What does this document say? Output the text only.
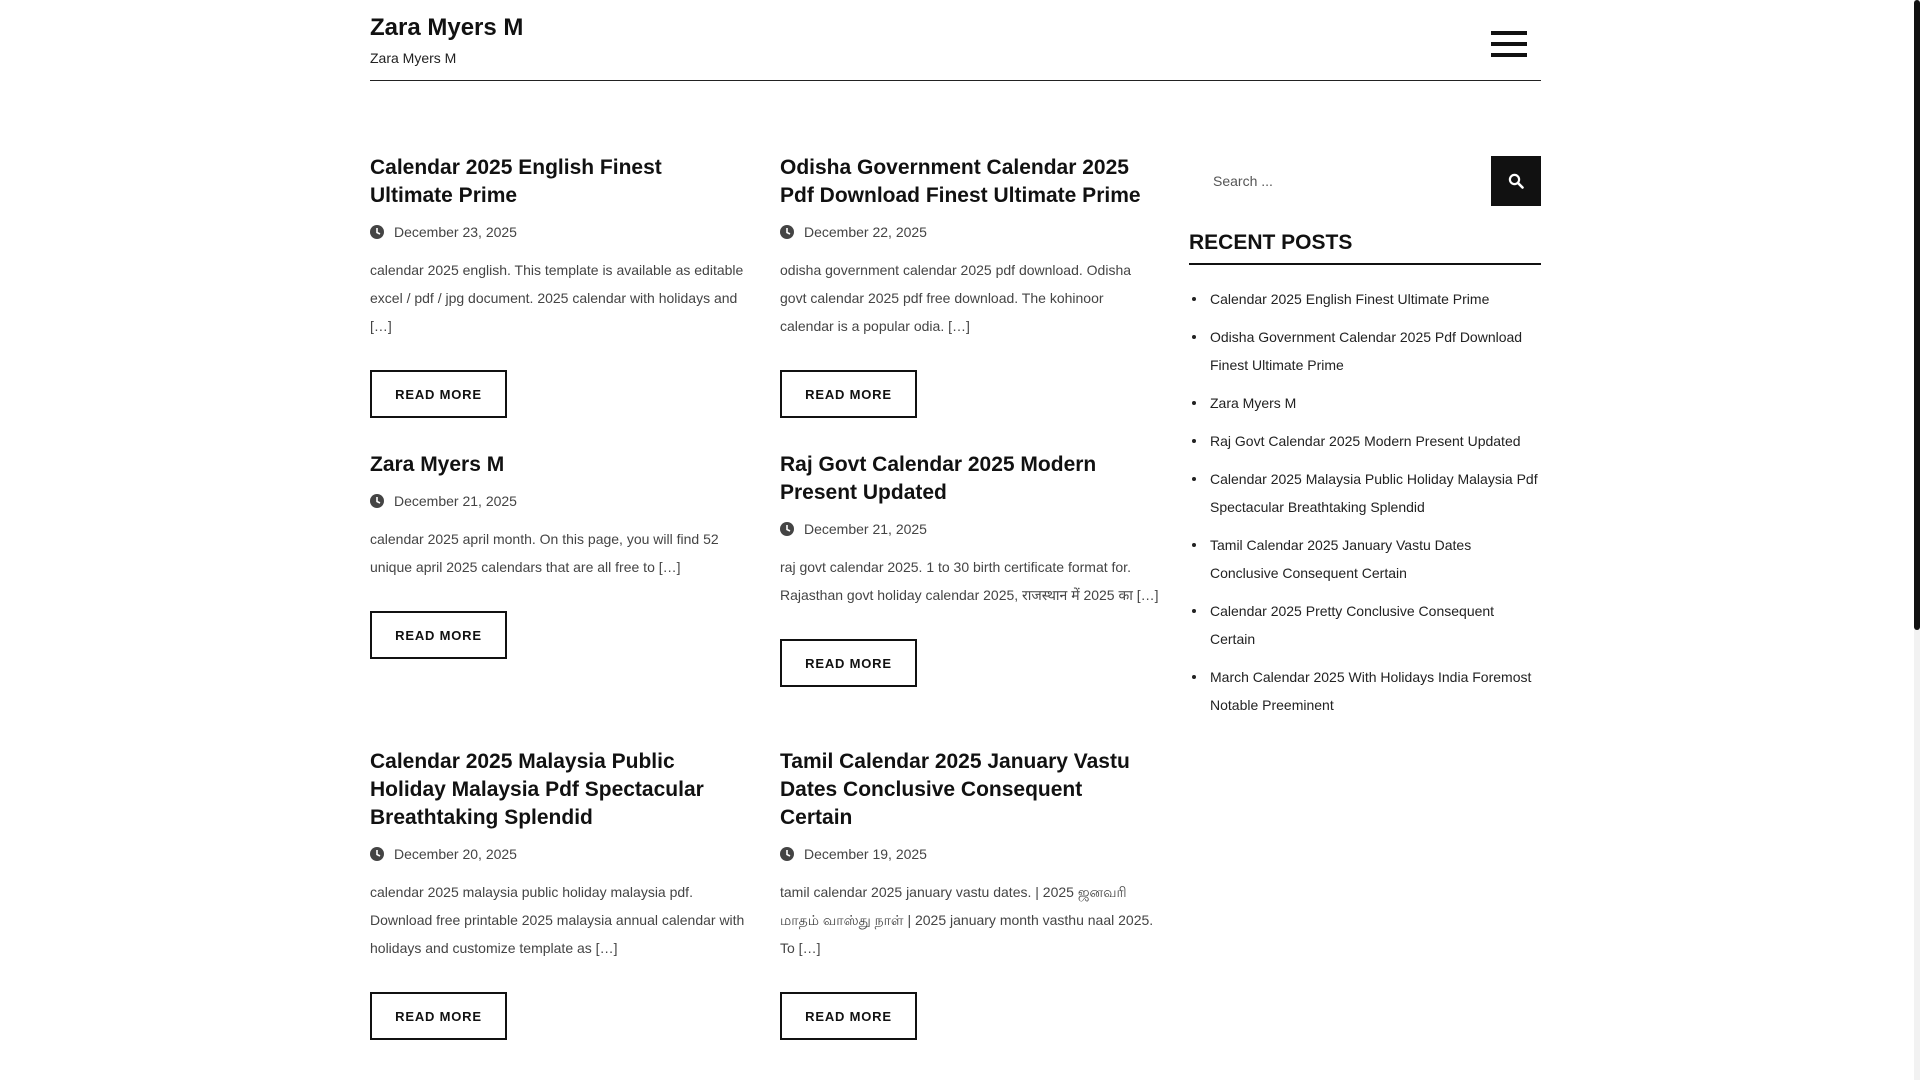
Zara Myers M
Zara Myers M
Calendar 2025 English Finest Ultimate Prime
December 23, 2025
calendar 2025 english. This template is available as editable excel / pdf / jpg document. 2025 calendar with holidays and […]
READ MORE
Odisha Government Calendar 2025 Pdf Download Finest Ultimate Prime
December 22, 2025
odisha government calendar 2025 pdf download. Odisha govt calendar 2025 pdf free download. The kohinoor calendar is a popular odia. […]
READ MORE
Zara Myers M
December 21, 2025
calendar 2025 april month. On this page, you will find 52 unique april 2025 calendars that are all free to […]
READ MORE
Raj Govt Calendar 2025 Modern Present Updated
December 21, 2025
raj govt calendar 2025. 1 to 30 birth certificate format for. Rajasthan govt holiday calendar 2025, राजस्थान में 2025 का […]
READ MORE
Calendar 2025 Malaysia Public Holiday Malaysia Pdf Spectacular Breathtaking Splendid
December 20, 2025
calendar 2025 malaysia public holiday malaysia pdf. Download free printable 2025 malaysia annual calendar with holidays and customize template as […]
READ MORE
Tamil Calendar 2025 January Vastu Dates Conclusive Consequent Certain
December 19, 2025
tamil calendar 2025 january vastu dates. | 2025 ஜனவரி மாதம் வாஸ்து நாள் | 2025 january month vasthu naal 2025. To […]
READ MORE
Search ...
RECENT POSTS
Calendar 2025 English Finest Ultimate Prime
Odisha Government Calendar 2025 Pdf Download Finest Ultimate Prime
Zara Myers M
Raj Govt Calendar 2025 Modern Present Updated
Calendar 2025 Malaysia Public Holiday Malaysia Pdf Spectacular Breathtaking Splendid
Tamil Calendar 2025 January Vastu Dates Conclusive Consequent Certain
Calendar 2025 Pretty Conclusive Consequent Certain
March Calendar 2025 With Holidays India Foremost Notable Preeminent
